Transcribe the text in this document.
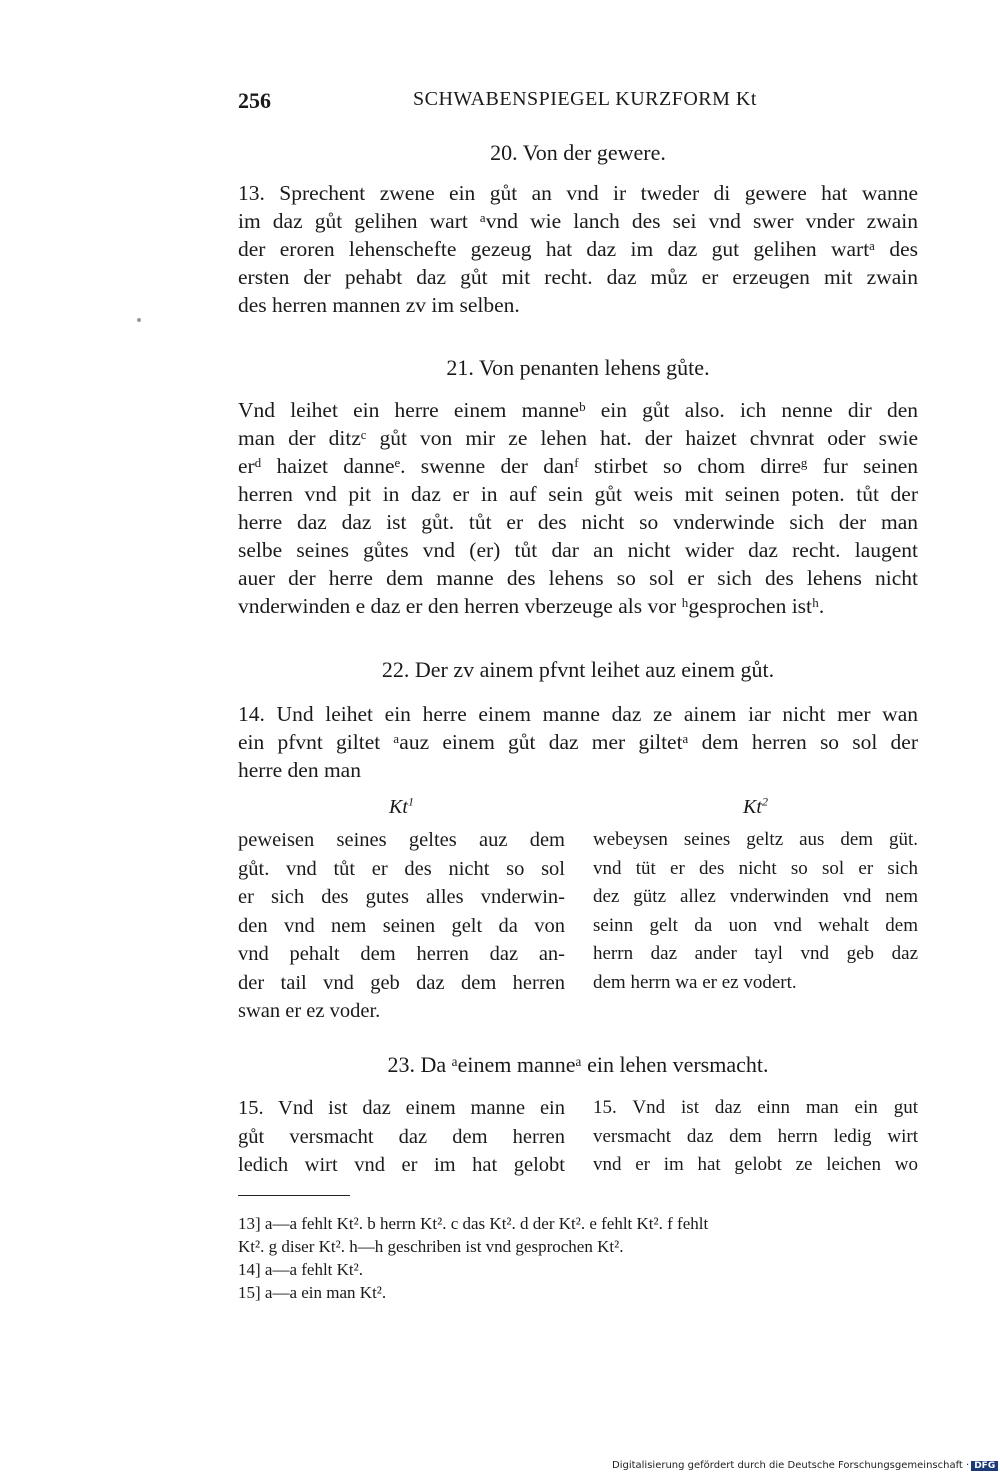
256	SCHWABENSPIEGEL KURZFORM Kt
20. Von der gewere.
13. Sprechent zwene ein gůt an vnd ir tweder di gewere hat wanne
im daz gůt gelihen wart ᵃvnd wie lanch des sei vnd swer vnder zwain
der eroren lehenschefte gezeug hat daz im daz gut gelihen wartᵃ des
ersten der pehabt daz gůt mit recht. daz můz er erzeugen mit zwain
des herren mannen zv im selben.
21. Von penanten lehens gůte.
Vnd leihet ein herre einem manneᵇ ein gůt also. ich nenne dir den
man der ditzᶜ gůt von mir ze lehen hat. der haizet chvnrat oder swie
erᵈ haizet danneᵉ. swenne der danᶠ stirbet so chom dirreᵍ fur seinen
herren vnd pit in daz er in auf sein gůt weis mit seinen poten. tůt der
herre daz daz ist gůt. tůt er des nicht so vnderwinde sich der man
selbe seines gůtes vnd (er) tůt dar an nicht wider daz recht. laugent
auer der herre dem manne des lehens so sol er sich des lehens nicht
vnderwinden e daz er den herren vberzeuge als vor ʰgesprochen istʰ.
22. Der zv ainem pfvnt leihet auz einem gůt.
14. Und leihet ein herre einem manne daz ze ainem iar nicht mer wan
ein pfvnt giltet ᵃauz einem gůt daz mer giltetᵃ dem herren so sol der
herre den man
Kt$^1$	Kt$^2$
peweisen seines geltes auz dem
gůt. vnd tůt er des nicht so sol
er sich des gutes alles vnderwin-
den vnd nem seinen gelt da von
vnd pehalt dem herren daz an-
der tail vnd geb daz dem herren
swan er ez voder.
webeysen seines geltz aus dem güt.
vnd tüt er des nicht so sol er sich
dez gütz allez vnderwinden vnd nem
seinn gelt da uon vnd wehalt dem
herrn daz ander tayl vnd geb daz
dem herrn wa er ez vodert.
23. Da ᵃeinem manneᵃ ein lehen versmacht.
15. Vnd ist daz einem manne ein
gůt versmacht daz dem herren
ledich wirt vnd er im hat gelobt
15. Vnd ist daz einn man ein gut
versmacht daz dem herrn ledig wirt
vnd er im hat gelobt ze leichen wo
13] a—a fehlt Kt². b herrn Kt². c das Kt². d der Kt². e fehlt Kt². f fehlt
Kt². g diser Kt². h—h geschriben ist vnd gesprochen Kt².
14] a—a fehlt Kt².
15] a—a ein man Kt².
Digitalisierung gefördert durch die Deutsche Forschungsgemeinschaft · DFG
